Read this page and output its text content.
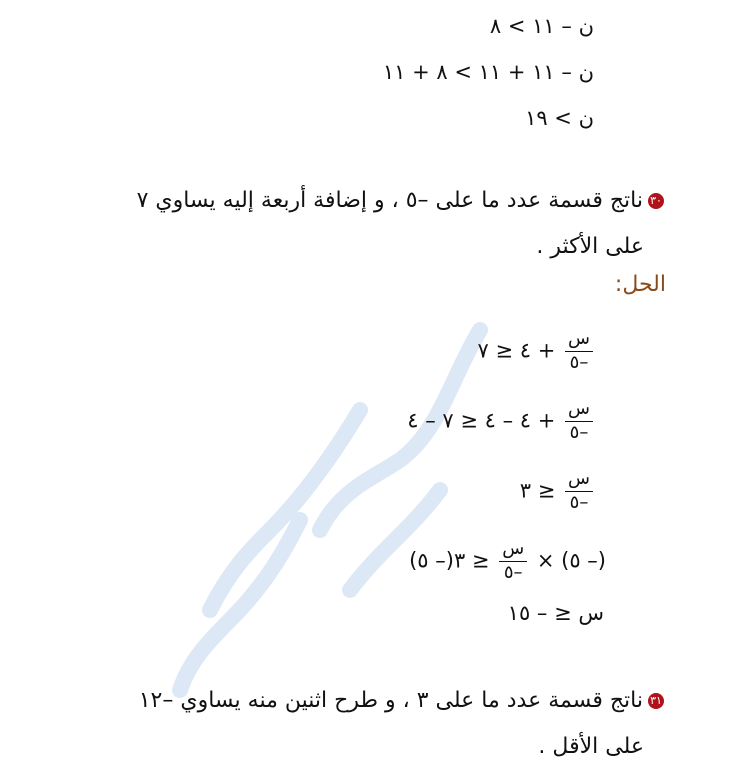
ن – ١١ > ٨
ن – ١١ + ١١ > ٨ + ١١
ن > ١٩
٣٠ناتج قسمة عدد ما على –٥ ، و إضافة أربعة إليه يساوي ٧
على الأكثر .
الحل:
$\frac{\text{س}}{-٥}$
+ ٤ ≤ ٧
$\frac{\text{س}}{-٥}$
+ ٤ – ٤ ≤ ٧ – ٤
$\frac{\text{س}}{-٥}$
≤ ٣
(– ٥) ×
$\frac{\text{س}}{-٥}$
≤ ٣(– ٥)
س ≤ – ١٥
٣١ناتج قسمة عدد ما على ٣ ، و طرح اثنين منه يساوي –١٢
على الأقل .
